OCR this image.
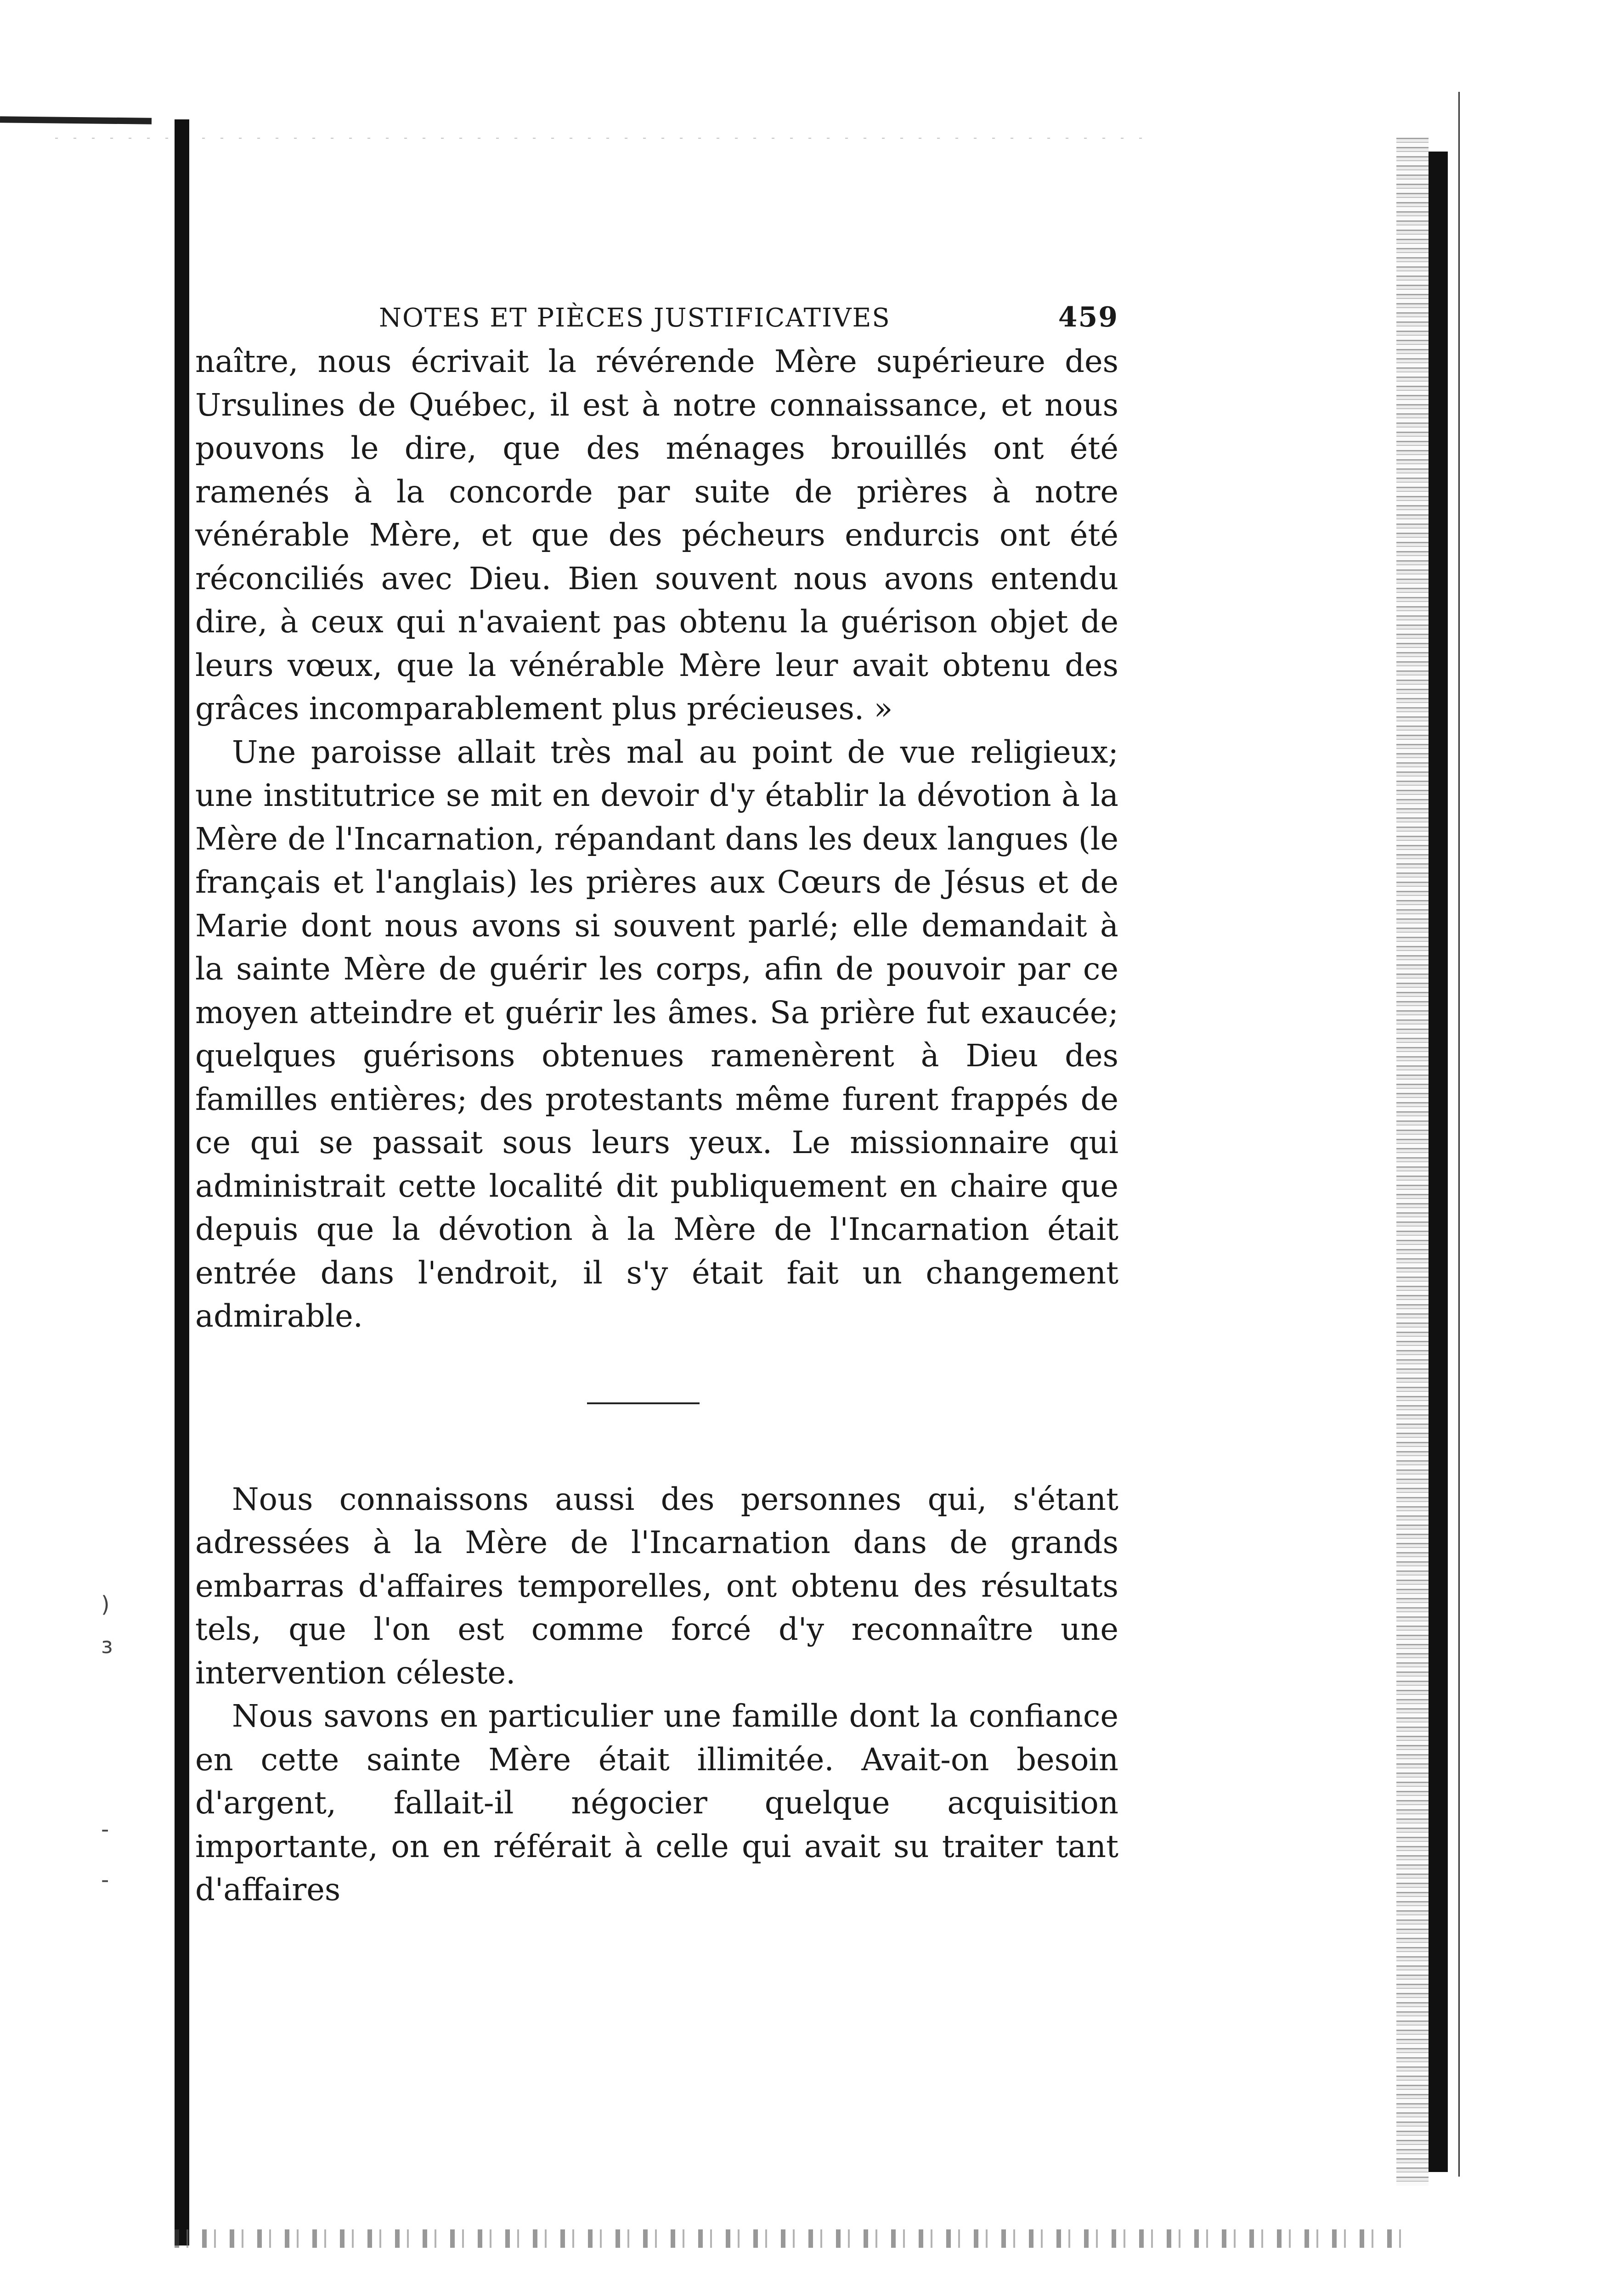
)
ɜ
-
-
NOTES ET PIÈCES JUSTIFICATIVES	459

naître, nous écrivait la révérende Mère supérieure des Ursulines de Québec, il est à notre connaissance, et nous pouvons le dire, que des ménages brouillés ont été ramenés à la concorde par suite de prières à notre vénérable Mère, et que des pécheurs endurcis ont été réconciliés avec Dieu. Bien souvent nous avons entendu dire, à ceux qui n'avaient pas obtenu la guérison objet de leurs vœux, que la vénérable Mère leur avait obtenu des grâces incomparablement plus précieuses. »

Une paroisse allait très mal au point de vue religieux; une institutrice se mit en devoir d'y établir la dévotion à la Mère de l'Incarnation, répandant dans les deux langues (le français et l'anglais) les prières aux Cœurs de Jésus et de Marie dont nous avons si souvent parlé; elle demandait à la sainte Mère de guérir les corps, afin de pouvoir par ce moyen atteindre et guérir les âmes. Sa prière fut exaucée; quelques guérisons obtenues ramenèrent à Dieu des familles entières; des protestants même furent frappés de ce qui se passait sous leurs yeux. Le missionnaire qui administrait cette localité dit publiquement en chaire que depuis que la dévotion à la Mère de l'Incarnation était entrée dans l'endroit, il s'y était fait un changement admirable.

Nous connaissons aussi des personnes qui, s'étant adressées à la Mère de l'Incarnation dans de grands embarras d'affaires temporelles, ont obtenu des résultats tels, que l'on est comme forcé d'y reconnaître une intervention céleste.

Nous savons en particulier une famille dont la confiance en cette sainte Mère était illimitée. Avait-on besoin d'argent, fallait-il négocier quelque acquisition importante, on en référait à celle qui avait su traiter tant d'affaires
